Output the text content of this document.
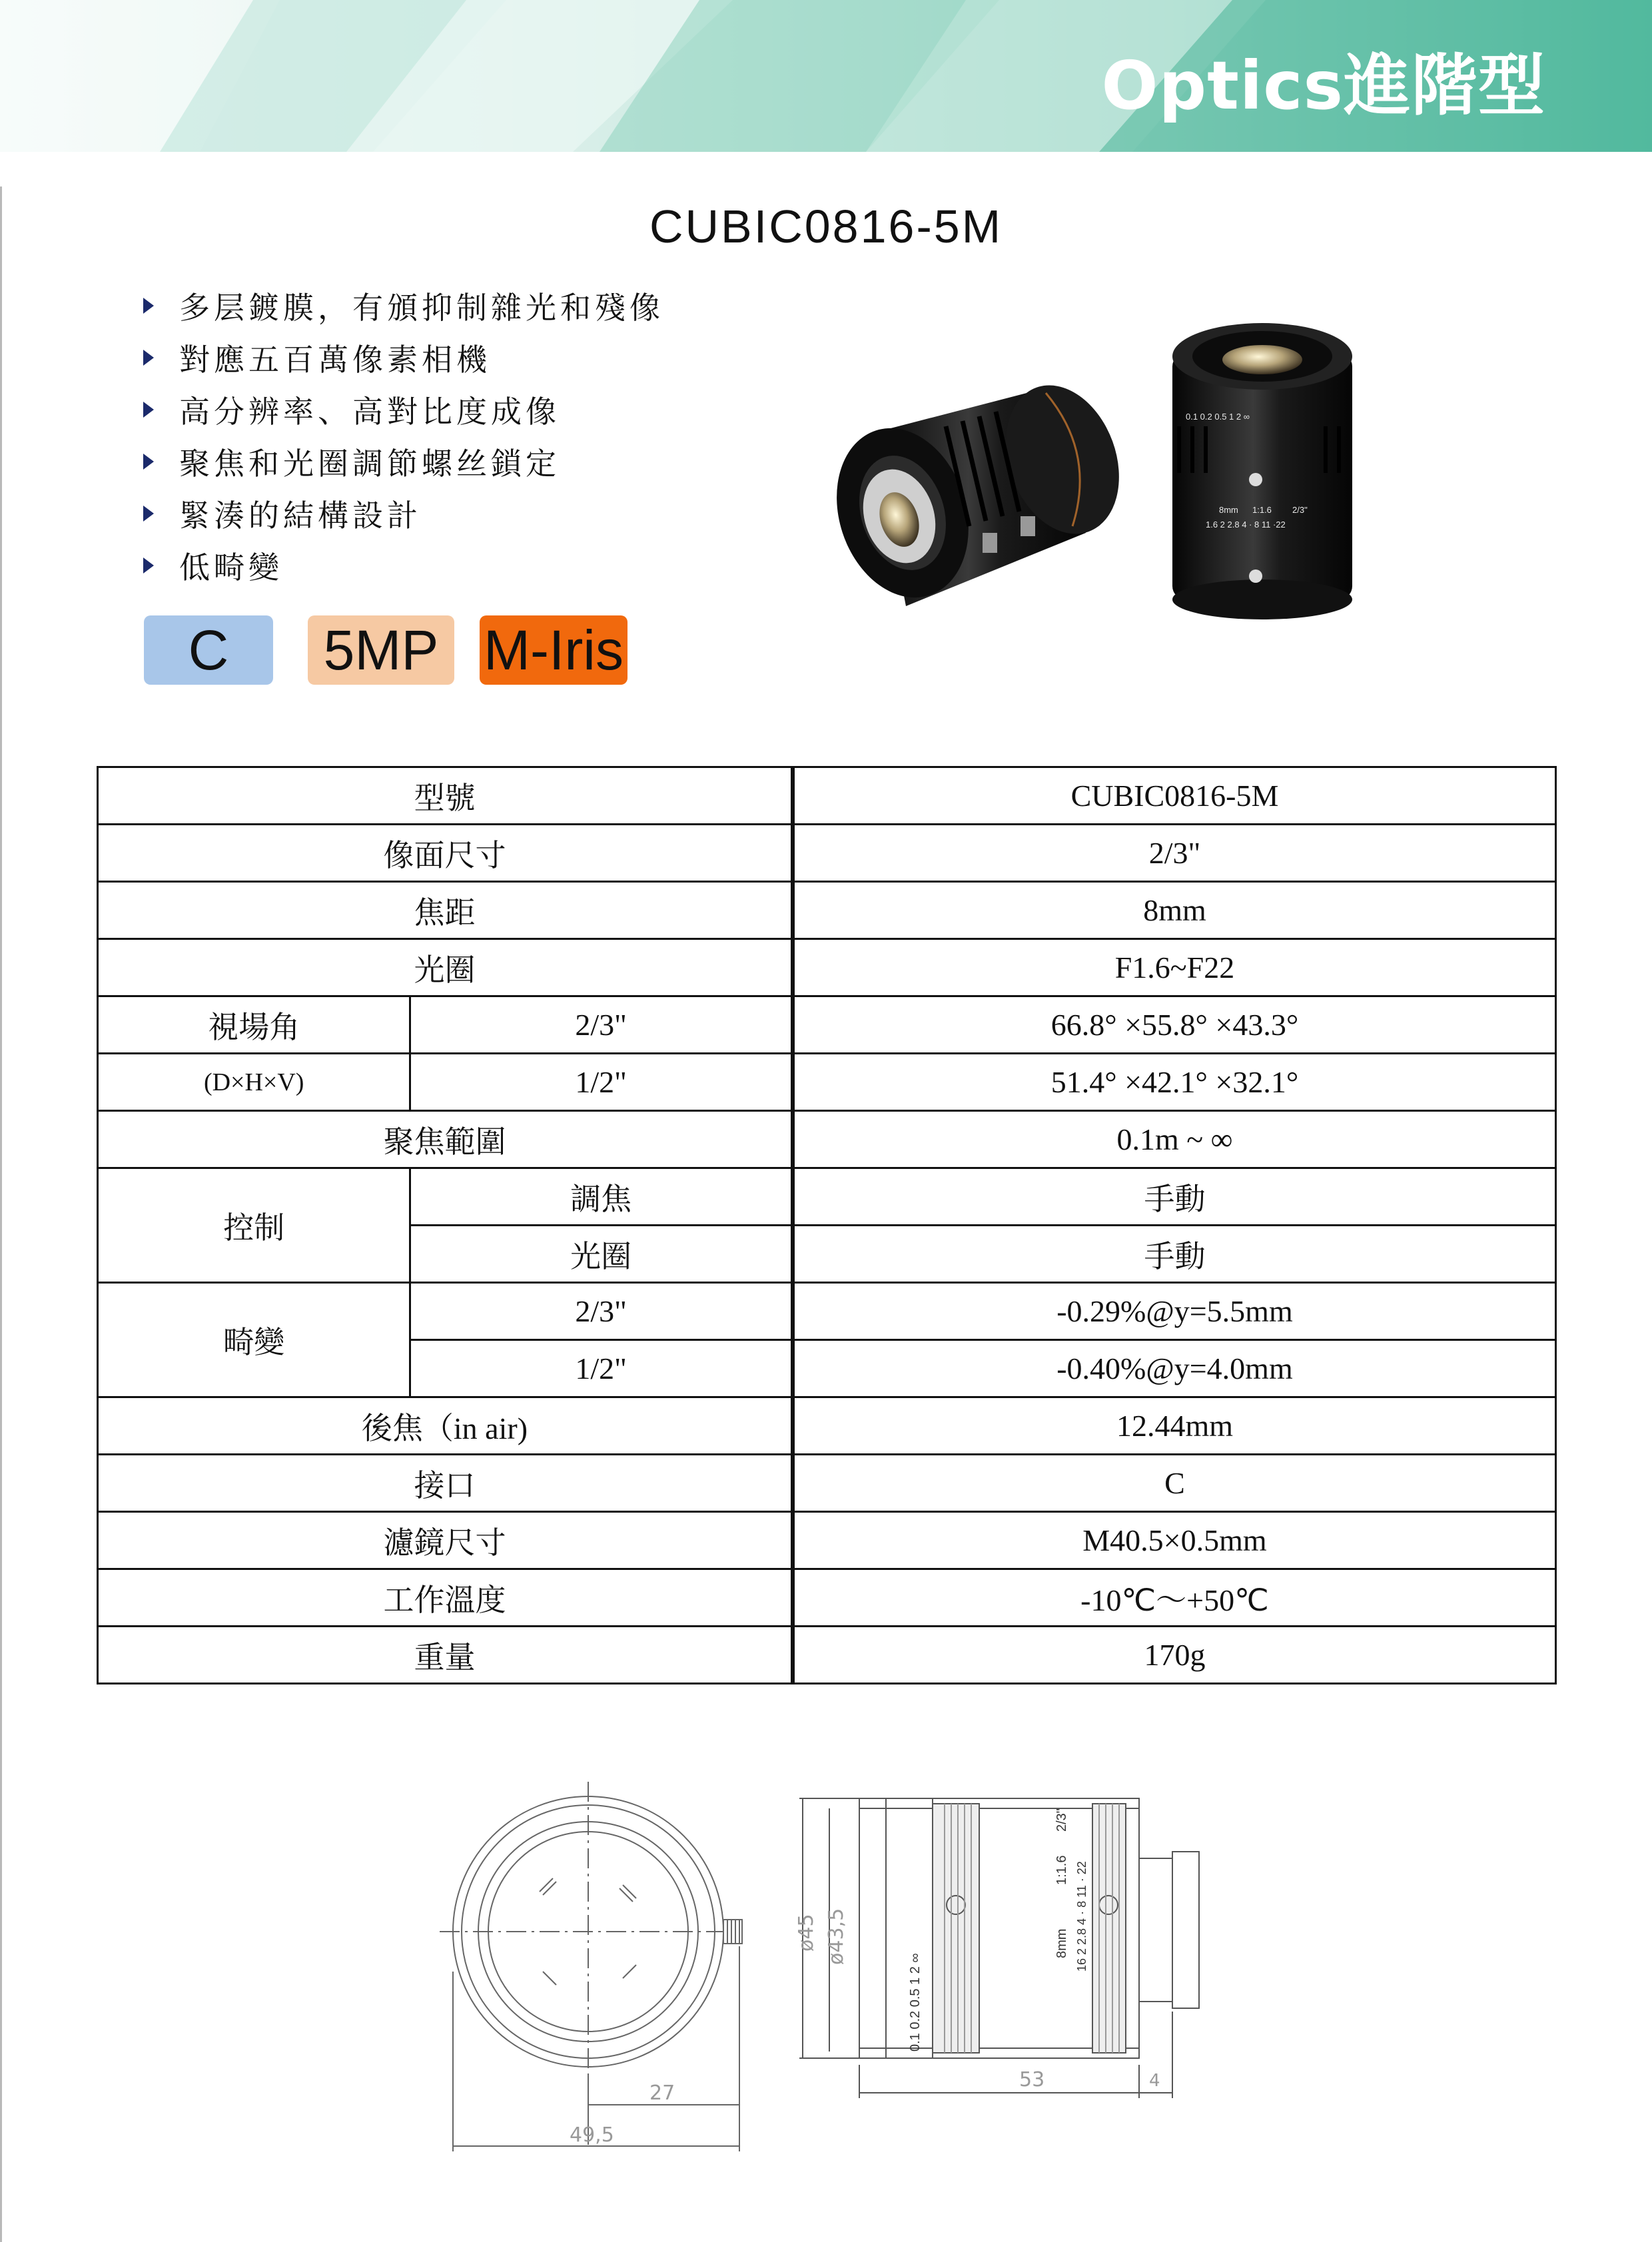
Optics進階型
CUBIC0816-5M
多层鍍膜，有頒抑制雜光和殘像
對應五百萬像素相機
高分辨率、高對比度成像
聚焦和光圈調節螺丝鎖定
緊湊的結構設計
低畸變
C	5MP M-Iris
0.1 0.2 0.5 1 2 ∞
8mm 1:1.6 2/3"
1.6 2 2.8 4 · 8 11 ·22
型號		CUBIC0816-5M
像面尺寸		2/3"
焦距		8mm
光圈		F1.6~F22
視場角	2/3"	66.8° ×55.8° ×43.3°
(D×H×V)	1/2"	51.4° ×42.1° ×32.1°
聚焦範圍		0.1m ~ ∞
控制	調焦	手動
	光圈	手動
畸變	2/3"	-0.29%@y=5.5mm
	1/2"	-0.40%@y=4.0mm
後焦（in air)		12.44mm
接口		C
濾鏡尺寸		M40.5×0.5mm
工作溫度		-10℃～+50℃
重量		170g
27
49,5
ø45 ø43,5
0.1 0.2 0.5 1 2 ∞
8mm
1:1.6
2/3"
16 2 2.8 4 · 8 11 · 22
53	4
